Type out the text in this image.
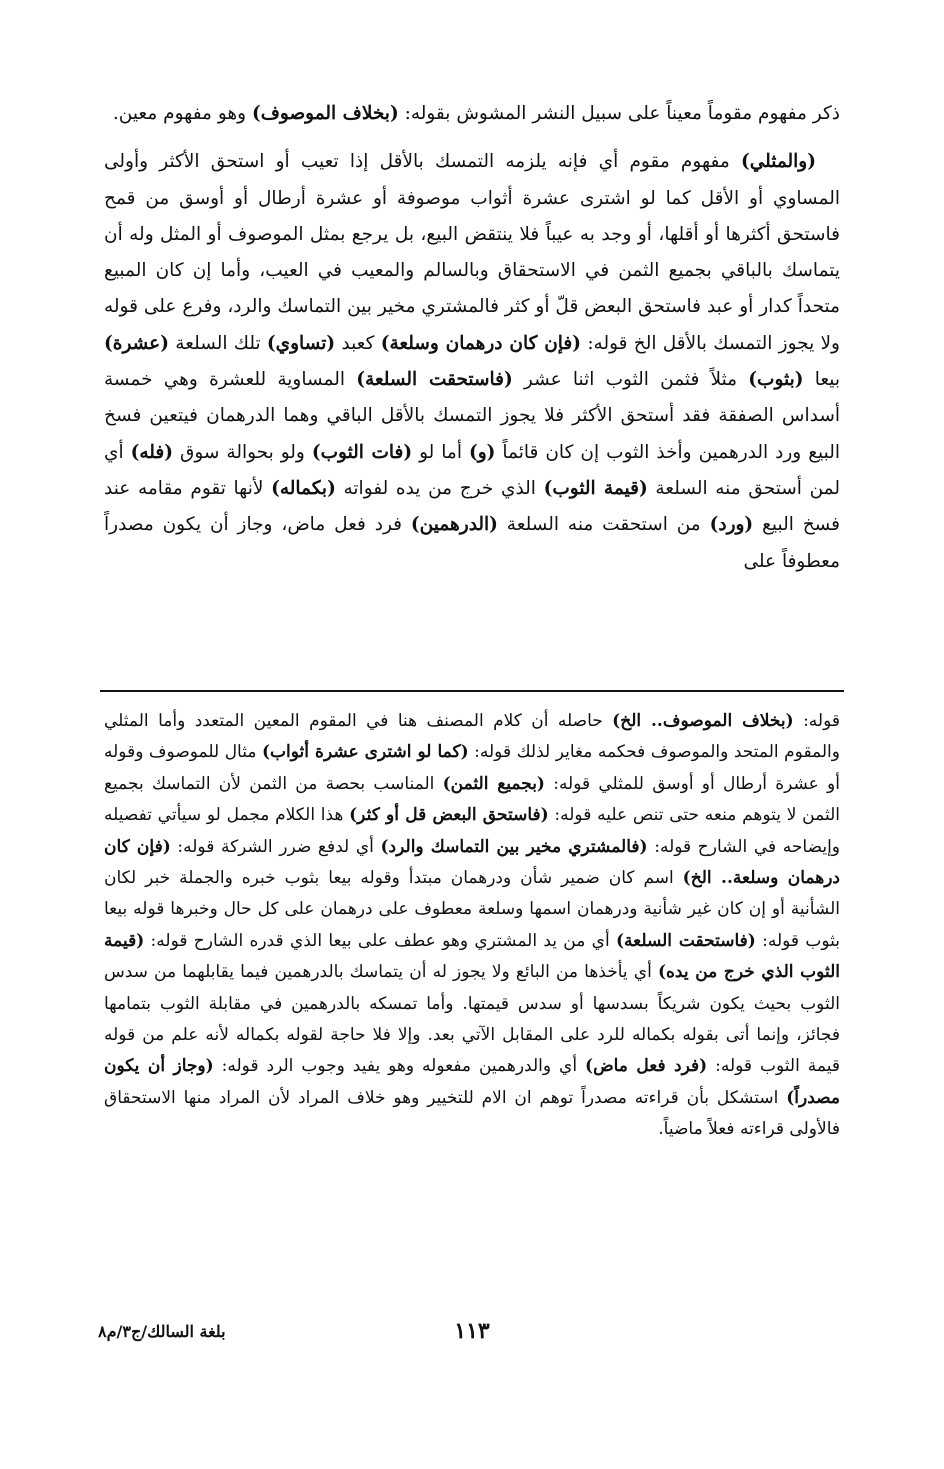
ذكر مفهوم مقوماً معيناً على سبيل النشر المشوش بقوله: (بخلاف الموصوف) وهو مفهوم معين.

(والمثلي) مفهوم مقوم أي فإنه يلزمه التمسك بالأقل إذا تعيب أو استحق الأكثر وأولى المساوي أو الأقل كما لو اشترى عشرة أثواب موصوفة أو عشرة أرطال أو أوسق من قمح فاستحق أكثرها أو أقلها، أو وجد به عيباً فلا ينتقض البيع، بل يرجع بمثل الموصوف أو المثل وله أن يتماسك بالباقي بجميع الثمن في الاستحقاق وبالسالم والمعيب في العيب، وأما إن كان المبيع متحداً كدار أو عبد فاستحق البعض قلّ أو كثر فالمشتري مخير بين التماسك والرد، وفرع على قوله ولا يجوز التمسك بالأقل الخ قوله: (فإن كان درهمان وسلعة) كعبد (تساوي) تلك السلعة (عشرة) بيعا (بثوب) مثلاً فثمن الثوب اثنا عشر (فاستحقت السلعة) المساوية للعشرة وهي خمسة أسداس الصفقة فقد أستحق الأكثر فلا يجوز التمسك بالأقل الباقي وهما الدرهمان فيتعين فسخ البيع ورد الدرهمين وأخذ الثوب إن كان قائماً (و) أما لو (فات الثوب) ولو بحوالة سوق (فله) أي لمن أستحق منه السلعة (قيمة الثوب) الذي خرج من يده لفواته (بكماله) لأنها تقوم مقامه عند فسخ البيع (ورد) من استحقت منه السلعة (الدرهمين) فرد فعل ماض، وجاز أن يكون مصدراً معطوفاً على

قوله: (بخلاف الموصوف.. الخ) حاصله أن كلام المصنف هنا في المقوم المعين المتعدد وأما المثلي والمقوم المتحد والموصوف فحكمه مغاير لذلك قوله: (كما لو اشترى عشرة أثواب) مثال للموصوف وقوله أو عشرة أرطال أو أوسق للمثلي قوله: (بجميع الثمن) المناسب بحصة من الثمن لأن التماسك بجميع الثمن لا يتوهم منعه حتى تنص عليه قوله: (فاستحق البعض قل أو كثر) هذا الكلام مجمل لو سيأتي تفصيله وإيضاحه في الشارح قوله: (فالمشتري مخير بين التماسك والرد) أي لدفع ضرر الشركة قوله: (فإن كان درهمان وسلعة.. الخ) اسم كان ضمير شأن ودرهمان مبتدأ وقوله بيعا بثوب خبره والجملة خبر لكان الشأنية أو إن كان غير شأنية ودرهمان اسمها وسلعة معطوف على درهمان على كل حال وخبرها قوله بيعا بثوب قوله: (فاستحقت السلعة) أي من يد المشتري وهو عطف على بيعا الذي قدره الشارح قوله: (قيمة الثوب الذي خرج من يده) أي يأخذها من البائع ولا يجوز له أن يتماسك بالدرهمين فيما يقابلهما من سدس الثوب بحيث يكون شريكاً بسدسها أو سدس قيمتها. وأما تمسكه بالدرهمين في مقابلة الثوب بتمامها فجائز، وإنما أتى بقوله بكماله للرد على المقابل الآتي بعد. وإلا فلا حاجة لقوله بكماله لأنه علم من قوله قيمة الثوب قوله: (فرد فعل ماض) أي والدرهمين مفعوله وهو يفيد وجوب الرد قوله: (وجاز أن يكون مصدراً) استشكل بأن قراءته مصدراً توهم ان الام للتخيير وهو خلاف المراد لأن المراد منها الاستحقاق فالأولى قراءته فعلاً ماضياً.

١١٣
بلغة السالك/ج٣/م٨
